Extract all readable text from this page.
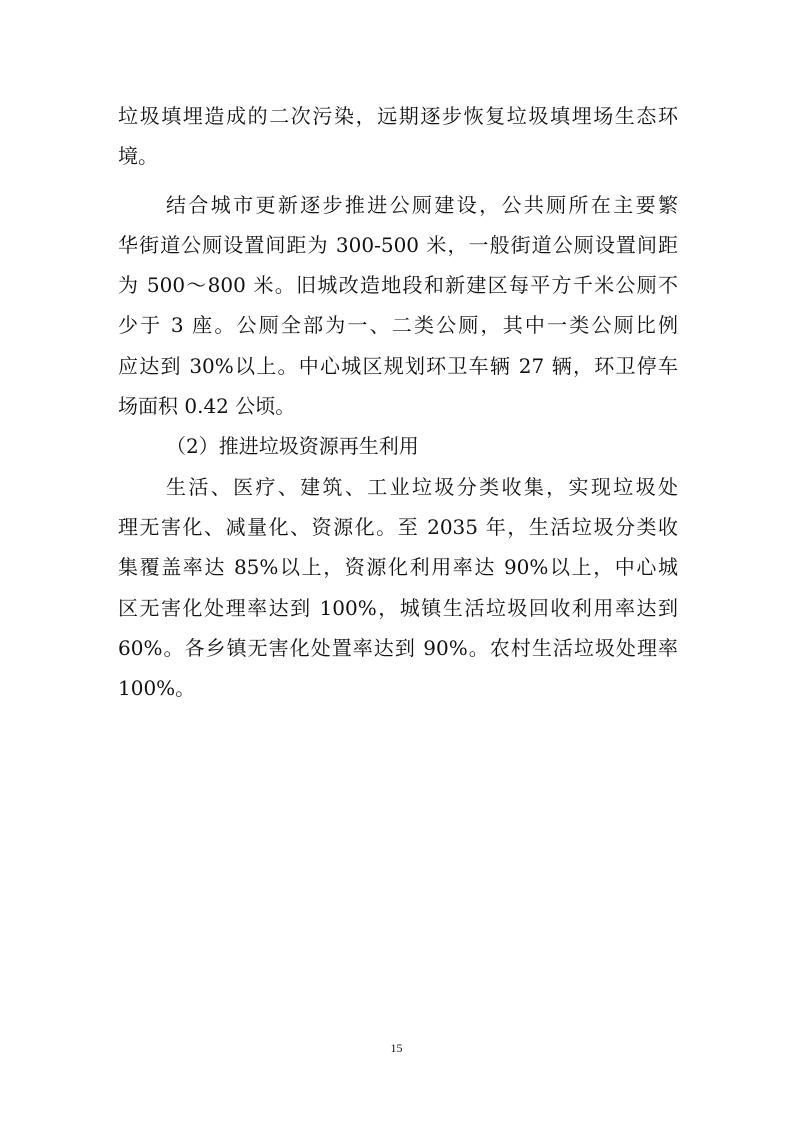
垃圾填埋造成的二次污染，远期逐步恢复垃圾填埋场生态环
境。
结合城市更新逐步推进公厕建设，公共厕所在主要繁
华街道公厕设置间距为 300-500 米，一般街道公厕设置间距
为 500～800 米。旧城改造地段和新建区每平方千米公厕不
少于 3 座。公厕全部为一、二类公厕，其中一类公厕比例
应达到 30%以上。中心城区规划环卫车辆 27 辆，环卫停车
场面积 0.42 公顷。
（2）推进垃圾资源再生利用
生活、医疗、建筑、工业垃圾分类收集，实现垃圾处
理无害化、减量化、资源化。至 2035 年，生活垃圾分类收
集覆盖率达 85%以上，资源化利用率达 90%以上，中心城
区无害化处理率达到 100%，城镇生活垃圾回收利用率达到
60%。各乡镇无害化处置率达到 90%。农村生活垃圾处理率
100%。
15
